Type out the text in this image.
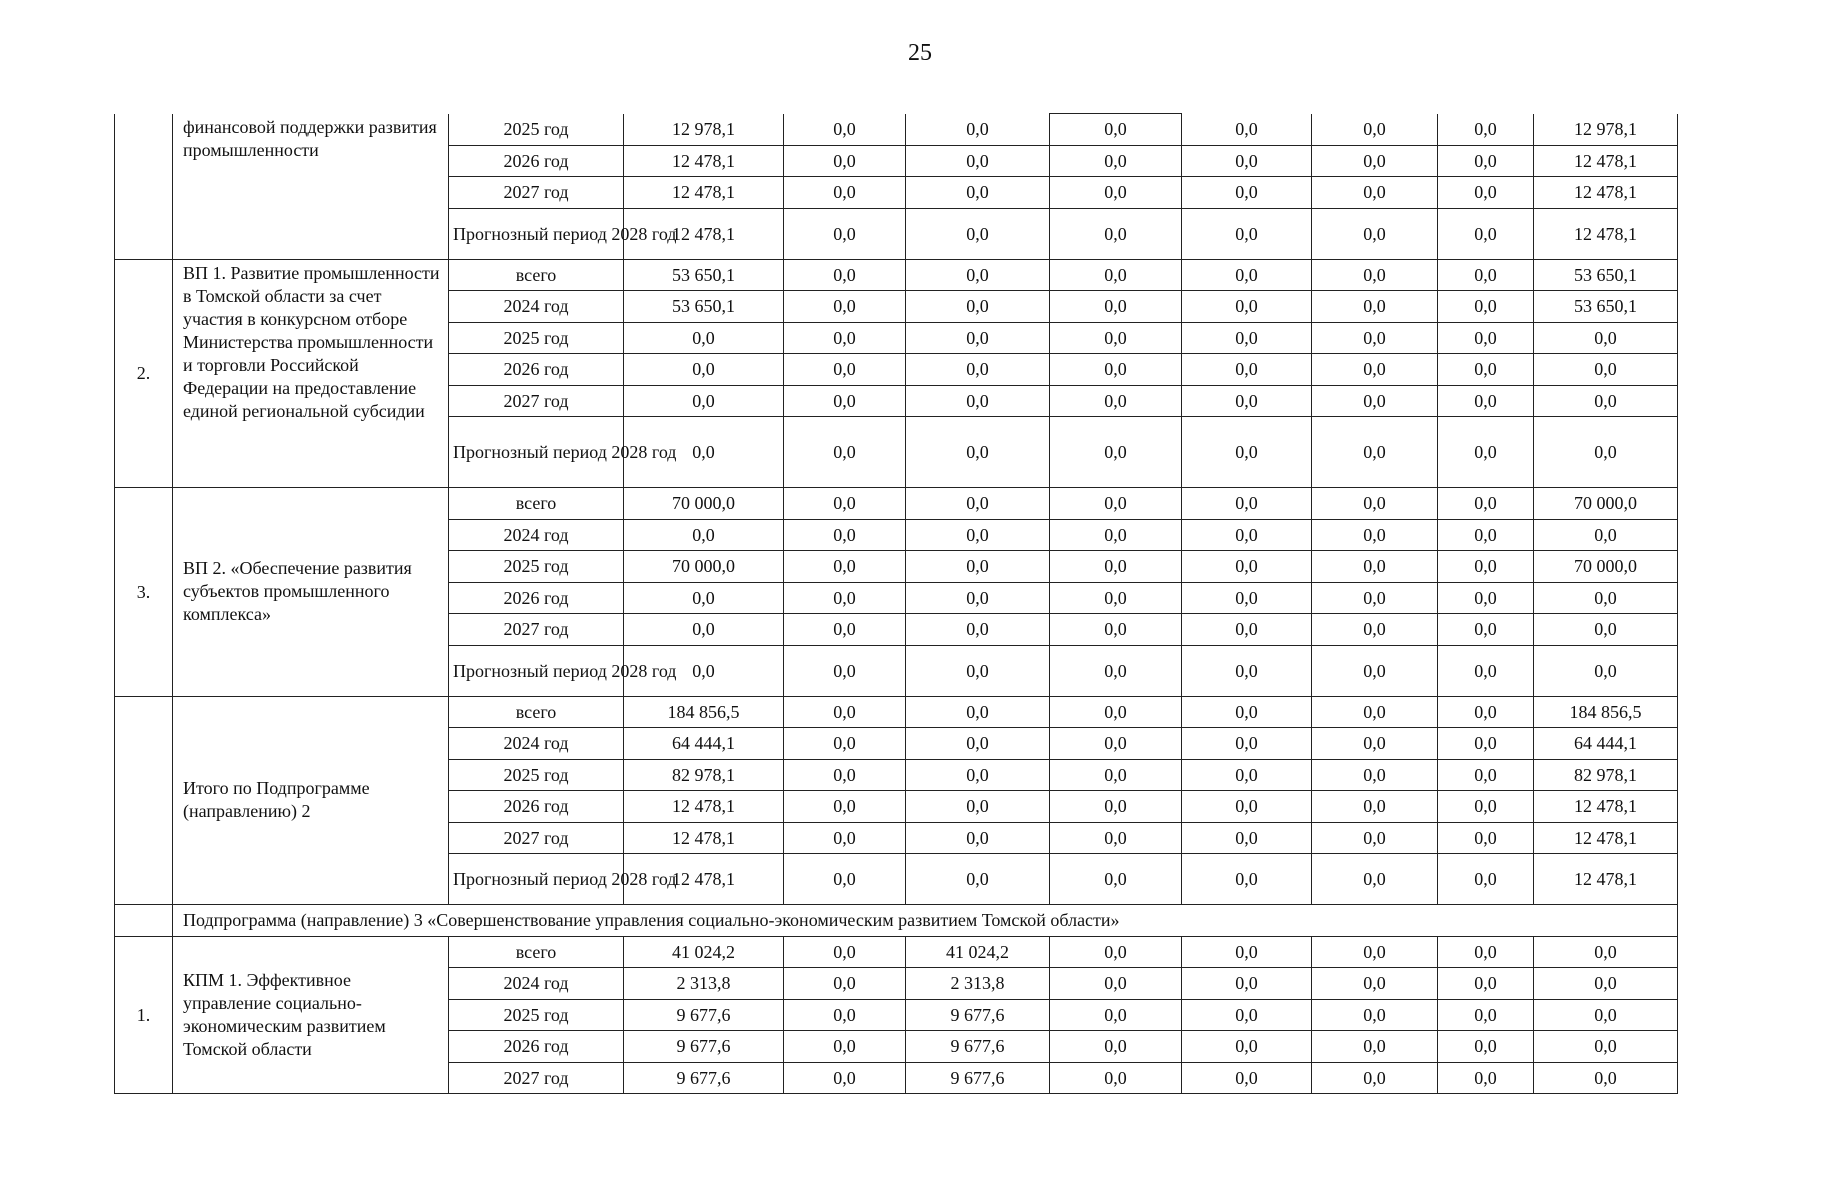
25
	финансовой поддержки развития промышленности	2025 год	12 978,1	0,0	0,0	0,0	0,0	0,0	0,0	12 978,1
		2026 год	12 478,1	0,0	0,0	0,0	0,0	0,0	0,0	12 478,1
		2027 год	12 478,1	0,0	0,0	0,0	0,0	0,0	0,0	12 478,1
		Прогнозный период 2028 год	12 478,1	0,0	0,0	0,0	0,0	0,0	0,0	12 478,1
2.	ВП 1. Развитие промышленности в Томской области за счет участия в конкурсном отборе Министерства промышленности и торговли Российской Федерации на предоставление единой региональной субсидии	всего	53 650,1	0,0	0,0	0,0	0,0	0,0	0,0	53 650,1
		2024 год	53 650,1	0,0	0,0	0,0	0,0	0,0	0,0	53 650,1
		2025 год	0,0	0,0	0,0	0,0	0,0	0,0	0,0	0,0
		2026 год	0,0	0,0	0,0	0,0	0,0	0,0	0,0	0,0
		2027 год	0,0	0,0	0,0	0,0	0,0	0,0	0,0	0,0
		Прогнозный период 2028 год	0,0	0,0	0,0	0,0	0,0	0,0	0,0	0,0
3.	ВП 2. «Обеспечение развития субъектов промышленного комплекса»	всего	70 000,0	0,0	0,0	0,0	0,0	0,0	0,0	70 000,0
		2024 год	0,0	0,0	0,0	0,0	0,0	0,0	0,0	0,0
		2025 год	70 000,0	0,0	0,0	0,0	0,0	0,0	0,0	70 000,0
		2026 год	0,0	0,0	0,0	0,0	0,0	0,0	0,0	0,0
		2027 год	0,0	0,0	0,0	0,0	0,0	0,0	0,0	0,0
		Прогнозный период 2028 год	0,0	0,0	0,0	0,0	0,0	0,0	0,0	0,0
	Итого по Подпрограмме (направлению) 2	всего	184 856,5	0,0	0,0	0,0	0,0	0,0	0,0	184 856,5
		2024 год	64 444,1	0,0	0,0	0,0	0,0	0,0	0,0	64 444,1
		2025 год	82 978,1	0,0	0,0	0,0	0,0	0,0	0,0	82 978,1
		2026 год	12 478,1	0,0	0,0	0,0	0,0	0,0	0,0	12 478,1
		2027 год	12 478,1	0,0	0,0	0,0	0,0	0,0	0,0	12 478,1
		Прогнозный период 2028 год	12 478,1	0,0	0,0	0,0	0,0	0,0	0,0	12 478,1
	Подпрограмма (направление) 3 «Совершенствование управления социально-экономическим развитием Томской области»									
1.	КПМ 1. Эффективное управление социально-экономическим развитием Томской области	всего	41 024,2	0,0	41 024,2	0,0	0,0	0,0	0,0	0,0
		2024 год	2 313,8	0,0	2 313,8	0,0	0,0	0,0	0,0	0,0
		2025 год	9 677,6	0,0	9 677,6	0,0	0,0	0,0	0,0	0,0
		2026 год	9 677,6	0,0	9 677,6	0,0	0,0	0,0	0,0	0,0
		2027 год	9 677,6	0,0	9 677,6	0,0	0,0	0,0	0,0	0,0
